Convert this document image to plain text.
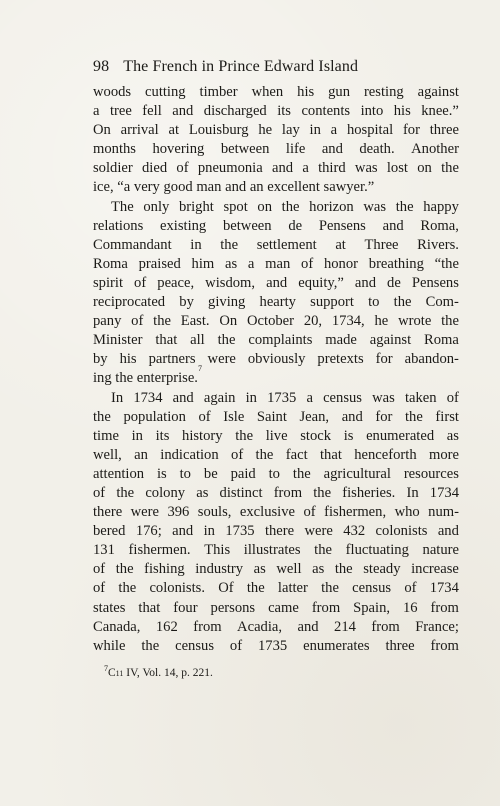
98 The French in Prince Edward Island
woods cutting timber when his gun resting against
a tree fell and discharged its contents into his knee.”
On arrival at Louisburg he lay in a hospital for three
months hovering between life and death. Another
soldier died of pneumonia and a third was lost on the
ice, “a very good man and an excellent sawyer.”
The only bright spot on the horizon was the happy
relations existing between de Pensens and Roma,
Commandant in the settlement at Three Rivers.
Roma praised him as a man of honor breathing “the
spirit of peace, wisdom, and equity,” and de Pensens
reciprocated by giving hearty support to the Com-
pany of the East. On October 20, 1734, he wrote the
Minister that all the complaints made against Roma
by his partners were obviously pretexts for abandon-
ing the enterprise.
7
In 1734 and again in 1735 a census was taken of
the population of Isle Saint Jean, and for the first
time in its history the live stock is enumerated as
well, an indication of the fact that henceforth more
attention is to be paid to the agricultural resources
of the colony as distinct from the fisheries. In 1734
there were 396 souls, exclusive of fishermen, who num-
bered 176; and in 1735 there were 432 colonists and
131 fishermen. This illustrates the fluctuating nature
of the fishing industry as well as the steady increase
of the colonists. Of the latter the census of 1734
states that four persons came from Spain, 16 from
Canada, 162 from Acadia, and 214 from France;
while the census of 1735 enumerates three from
$^7$C11 IV, Vol. 14, p. 221.
